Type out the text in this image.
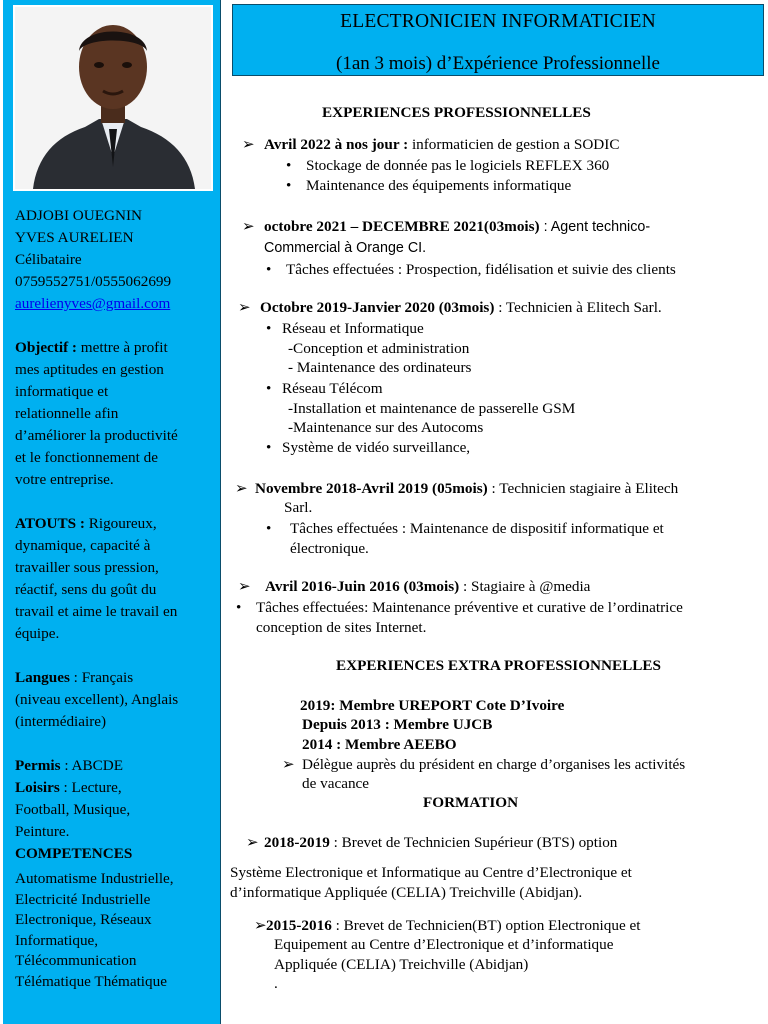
ADJOBI OUEGNIN

YVES AURELIEN

Célibataire

0759552751/0555062699

aurelienyves@gmail.com

Objectif : mettre à profit

mes aptitudes en gestion

informatique et

relationnelle afin

d’améliorer la productivité

et le fonctionnement de

votre entreprise.

ATOUTS : Rigoureux,

dynamique, capacité à

travailler sous pression,

réactif, sens du goût du

travail et aime le travail en

équipe.

Langues : Français

(niveau excellent), Anglais

(intermédiaire)

Permis : ABCDE

Loisirs : Lecture,

Football, Musique,

Peinture.

COMPETENCES

Automatisme Industrielle,

Electricité Industrielle

Electronique, Réseaux

Informatique,

Télécommunication

Télématique Thématique

ELECTRONICIEN INFORMATICIEN
(1an 3 mois) d’Expérience Professionnelle
EXPERIENCES PROFESSIONNELLES
➢ Avril 2022 à nos jour : informaticien de gestion a SODIC
• Stockage de donnée pas le logiciels REFLEX 360
• Maintenance des équipements informatique
➢ octobre 2021 – DECEMBRE 2021(03mois) : Agent technico-
Commercial à Orange CI.
• Tâches effectuées : Prospection, fidélisation et suivie des clients
➢ Octobre 2019-Janvier 2020 (03mois) : Technicien à Elitech Sarl.
• Réseau et Informatique
-Conception et administration
- Maintenance des ordinateurs
• Réseau Télécom
-Installation et maintenance de passerelle GSM
-Maintenance sur des Autocoms
• Système de vidéo surveillance,
➢ Novembre 2018-Avril 2019 (05mois) : Technicien stagiaire à Elitech
Sarl.
• Tâches effectuées : Maintenance de dispositif informatique et
électronique.
➢ Avril 2016-Juin 2016 (03mois) : Stagiaire à @media
• Tâches effectuées: Maintenance préventive et curative de l’ordinatrice
conception de sites Internet.
EXPERIENCES EXTRA PROFESSIONNELLES
2019: Membre UREPORT Cote D’Ivoire
Depuis 2013 : Membre UJCB
2014 : Membre AEEBO
➢ Délègue auprès du président en charge d’organises les activités
de vacance
FORMATION
➢ 2018-2019 : Brevet de Technicien Supérieur (BTS) option
Système Electronique et Informatique au Centre d’Electronique et
d’informatique Appliquée (CELIA) Treichville (Abidjan).
➢2015-2016 : Brevet de Technicien(BT) option Electronique et
Equipement au Centre d’Electronique et d’informatique
Appliquée (CELIA) Treichville (Abidjan)
.
